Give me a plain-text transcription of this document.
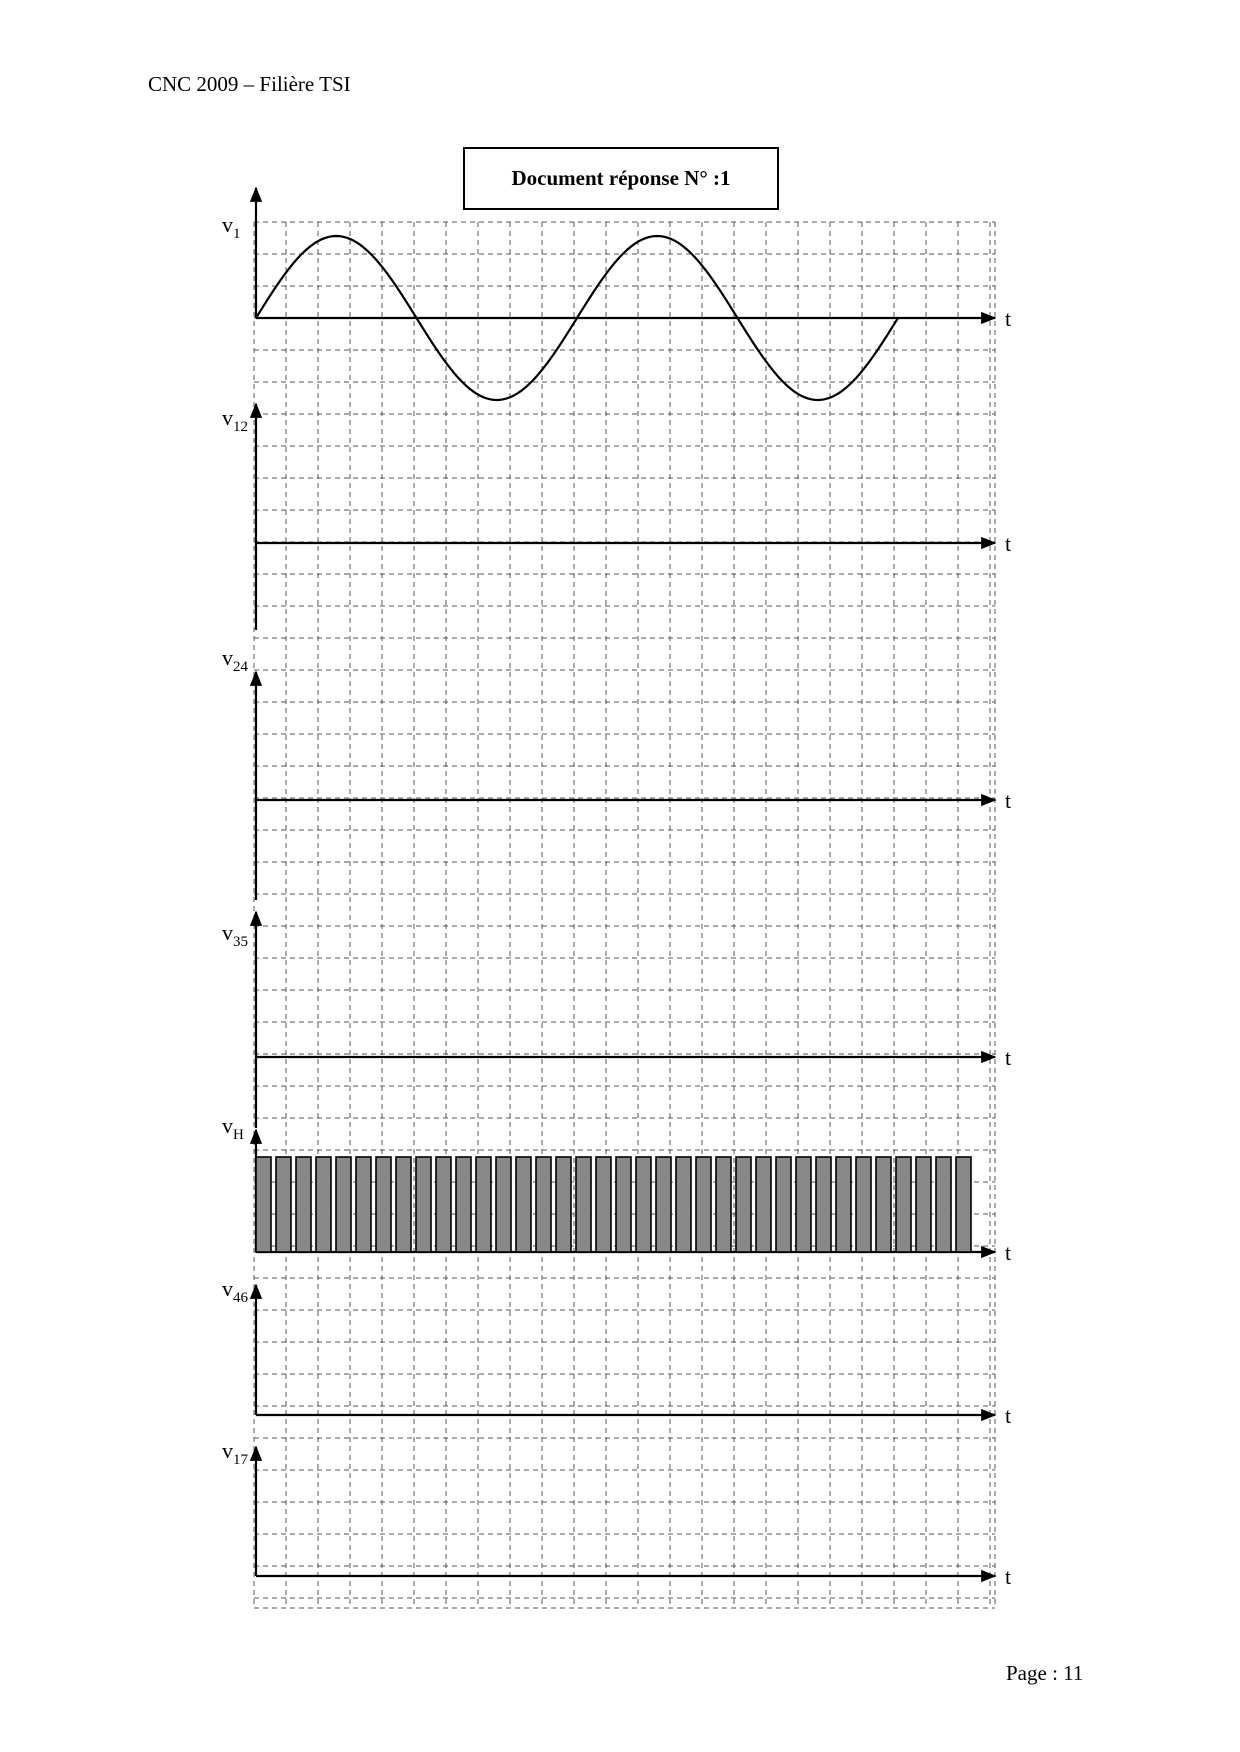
CNC 2009 – Filière TSI
Document réponse N° :1
Page : 11
t
$v_1$
t
$v_{12}$
t
$v_{24}$
t
$v_{35}$
t
$v_H$
t
$v_{46}$
t
$v_{17}$
